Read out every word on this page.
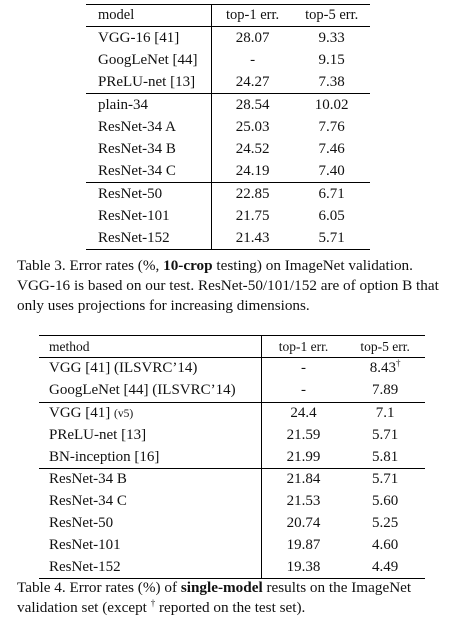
model	top-1 err.	top-5 err.
VGG-16 [41]	28.07	9.33
GoogLeNet [44]	-	9.15
PReLU-net [13]	24.27	7.38
plain-34	28.54	10.02
ResNet-34 A	25.03	7.76
ResNet-34 B	24.52	7.46
ResNet-34 C	24.19	7.40
ResNet-50	22.85	6.71
ResNet-101	21.75	6.05
ResNet-152	21.43	5.71

Table 3. Error rates (%, 10-crop testing) on ImageNet validation. VGG-16 is based on our test. ResNet-50/101/152 are of option B that only uses projections for increasing dimensions.

method	top-1 err.	top-5 err.
VGG [41] (ILSVRC’14)	-	8.43†
GoogLeNet [44] (ILSVRC’14)	-	7.89
VGG [41] (v5)	24.4	7.1
PReLU-net [13]	21.59	5.71
BN-inception [16]	21.99	5.81
ResNet-34 B	21.84	5.71
ResNet-34 C	21.53	5.60
ResNet-50	20.74	5.25
ResNet-101	19.87	4.60
ResNet-152	19.38	4.49

Table 4. Error rates (%) of single-model results on the ImageNet validation set (except † reported on the test set).
